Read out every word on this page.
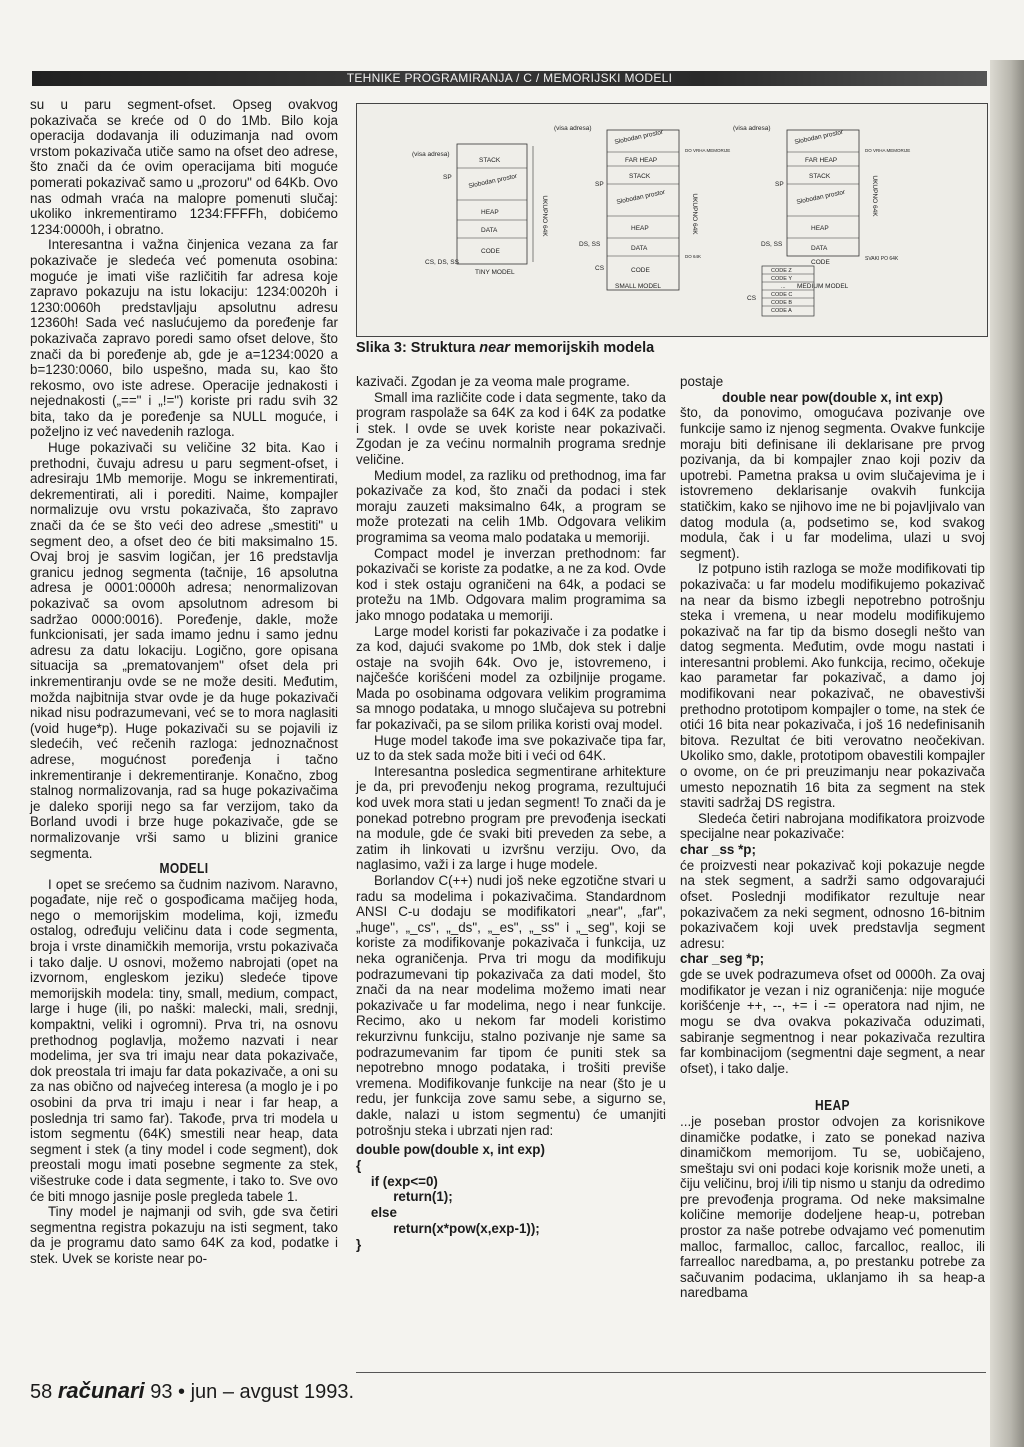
TEHNIKE PROGRAMIRANJA / C / MEMORIJSKI MODELI

su u paru segment-ofset. Opseg ovakvog pokazivača se kreće od 0 do 1Mb. Bilo koja operacija dodavanja ili oduzimanja nad ovom vrstom pokazivača utiče samo na ofset deo adrese, što znači da će ovim operacijama biti moguće pomerati pokazivač samo u „prozoru" od 64Kb. Ovo nas odmah vraća na malopre pomenuti slučaj: ukoliko inkrementiramo 1234:FFFFh, dobićemo 1234:0000h, i obratno.

Interesantna i važna činjenica vezana za far pokazivače je sledeća već pomenuta osobina: moguće je imati više različitih far adresa koje zapravo pokazuju na istu lokaciju: 1234:0020h i 1230:0060h predstavljaju apsolutnu adresu 12360h! Sada već naslućujemo da poređenje far pokazivača zapravo poredi samo ofset delove, što znači da bi poređenje ab, gde je a=1234:0020 a b=1230:0060, bilo uspešno, mada su, kao što rekosmo, ovo iste adrese. Operacije jednakosti i nejednakosti („==" i „!=") koriste pri radu svih 32 bita, tako da je poređenje sa NULL moguće, i poželjno iz već navedenih razloga.

Huge pokazivači su veličine 32 bita. Kao i prethodni, čuvaju adresu u paru segment-ofset, i adresiraju 1Mb memorije. Mogu se inkrementirati, dekrementirati, ali i porediti. Naime, kompajler normalizuje ovu vrstu pokazivača, što zapravo znači da će se što veći deo adrese „smestiti" u segment deo, a ofset deo će biti maksimalno 15. Ovaj broj je sasvim logičan, jer 16 predstavlja granicu jednog segmenta (tačnije, 16 apsolutna adresa je 0001:0000h adresa; nenormalizovan pokazivač sa ovom apsolutnom adresom bi sadržao 0000:0016). Poređenje, dakle, može funkcionisati, jer sada imamo jednu i samo jednu adresu za datu lokaciju. Logično, gore opisana situacija sa „prematovanjem" ofset dela pri inkrementiranju ovde se ne može desiti. Međutim, možda najbitnija stvar ovde je da huge pokazivači nikad nisu podrazumevani, već se to mora naglasiti (void huge*p). Huge pokazivači su se pojavili iz sledećih, već rečenih razloga: jednoznačnost adrese, mogućnost poređenja i tačno inkrementiranje i dekrementiranje. Konačno, zbog stalnog normalizovanja, rad sa huge pokazivačima je daleko sporiji nego sa far verzijom, tako da Borland uvodi i brze huge pokazivače, gde se normalizovanje vrši samo u blizini granice segmenta.

MODELI

I opet se srećemo sa čudnim nazivom. Naravno, pogađate, nije reč o gospođicama mačijeg hoda, nego o memorijskim modelima, koji, između ostalog, određuju veličinu data i code segmenta, broja i vrste dinamičkih memorija, vrstu pokazivača i tako dalje. U osnovi, možemo nabrojati (opet na izvornom, engleskom jeziku) sledeće tipove memorijskih modela: tiny, small, medium, compact, large i huge (ili, po naški: malecki, mali, srednji, kompaktni, veliki i ogromni). Prva tri, na osnovu prethodnog poglavlja, možemo nazvati i near modelima, jer sva tri imaju near data pokazivače, dok preostala tri imaju far data pokazivače, a oni su za nas obično od najvećeg interesa (a moglo je i po osobini da prva tri imaju i near i far heap, a poslednja tri samo far). Takođe, prva tri modela u istom segmentu (64K) smestili near heap, data segment i stek (a tiny model i code segment), dok preostali mogu imati posebne segmente za stek, višestruke code i data segmente, i tako to. Sve ovo će biti mnogo jasnije posle pregleda tabele 1.

Tiny model je najmanji od svih, gde sva četiri segmentna registra pokazuju na isti segment, tako da je programu dato samo 64K za kod, podatke i stek. Uvek se koriste near po-

(visa adresa)
STACK
Slobodan prostor
HEAP
DATA
CODE
SP
CS, DS, SS
UKUPNO 64K
TINY MODEL
(visa adresa)
Slobodan prostor
FAR HEAP
STACK
Slobodan prostor
HEAP
DATA
CODE
SP
DS, SS
CS
UKUPNO 64K
DO VRHA MEMORIJE
DO 64K
SMALL MODEL
(visa adresa)
Slobodan prostor
FAR HEAP
STACK
Slobodan prostor
HEAP
DATA
CODE
SP
DS, SS
CS
UKUPNO 64K
DO VRHA MEMORIJE
SVAKI PO 64K
CODE Z
CODE Y
...
CODE C
CODE B
CODE A
MEDIUM MODEL
Slika 3: Struktura near memorijskih modela

kazivači. Zgodan je za veoma male programe.

Small ima različite code i data segmente, tako da program raspolaže sa 64K za kod i 64K za podatke i stek. I ovde se uvek koriste near pokazivači. Zgodan je za većinu normalnih programa srednje veličine.

Medium model, za razliku od prethodnog, ima far pokazivače za kod, što znači da podaci i stek moraju zauzeti maksimalno 64k, a program se može protezati na celih 1Mb. Odgovara velikim programima sa veoma malo podataka u memoriji.

Compact model je inverzan prethodnom: far pokazivači se koriste za podatke, a ne za kod. Ovde kod i stek ostaju ograničeni na 64k, a podaci se protežu na 1Mb. Odgovara malim programima sa jako mnogo podataka u memoriji.

Large model koristi far pokazivače i za podatke i za kod, dajući svakome po 1Mb, dok stek i dalje ostaje na svojih 64k. Ovo je, istovremeno, i najčešće korišćeni model za ozbiljnije progame. Mada po osobinama odgovara velikim programima sa mnogo podataka, u mnogo slučajeva su potrebni far pokazivači, pa se silom prilika koristi ovaj model.

Huge model takođe ima sve pokazivače tipa far, uz to da stek sada može biti i veći od 64K.

Interesantna posledica segmentiranе arhitekture je da, pri prevođenju nekog programa, rezultujući kod uvek mora stati u jedan segment! To znači da je ponekad potrebno program pre prevođenja isеckati na module, gde će svaki biti preveden za sebe, a zatim ih linkovati u izvršnu verziju. Ovo, da naglasimo, važi i za large i huge modele.

Borlandov C(++) nudi još neke egzotične stvari u radu sa modelima i pokazivačima. Standardnom ANSI C-u dodaju se modifikatori „near", „far", „huge", „_cs", „_ds", „_es", „_ss" i „_seg", koji se koriste za modifikovanje pokazivača i funkcija, uz neka ograničenja. Prva tri mogu da modifikuju podrazumevani tip pokazivača za dati model, što znači da na near modelima možemo imati near pokazivače u far modelima, nego i near funkcije. Recimo, ako u nekom far modeli koristimo rekurzivnu funkciju, stalno pozivanje nje same sa podrazumevanim far tipom će puniti stek sa nepotrebno mnogo podataka, i trošiti previše vremena. Modifikovanje funkcije na near (što je u redu, jer funkcija zove samu sebe, a sigurno se, dakle, nalazi u istom segmentu) će umanjiti potrošnju steka i ubrzati njen rad:

double pow(double x, int exp)
{
if (exp<=0)
return(1);
else
return(x*pow(x,exp-1));
}

postaje

double near pow(double x, int exp)

što, da ponovimo, omogućava pozivanje ove funkcije samo iz njenog segmenta. Ovakve funkcije moraju biti definisane ili deklarisane pre prvog pozivanja, da bi kompajler znao koji poziv da upotrebi. Pametna praksa u ovim slučajevima je i istovremeno deklarisanje ovakvih funkcija statičkim, kako se njihovo ime ne bi pojavljivalo van datog modula (a, podsetimo se, kod svakog modula, čak i u far modelima, ulazi u svoj segment).

Iz potpuno istih razloga se može modifikovati tip pokazivača: u far modelu modifikujemo pokazivač na near da bismo izbegli nepotrebno potrošnju steka i vremena, u near modelu modifikujemo pokazivač na far tip da bismo dosegli nešto van datog segmenta. Međutim, ovde mogu nastati i interesantni problemi. Ako funkcija, recimo, očekuje kao parametar far pokazivač, a damo joj modifikovani near pokazivač, ne obavestivši prethodno prototipom kompajler o tome, na stek će otići 16 bita near pokazivača, i još 16 nedefinisanih bitova. Rezultat će biti verovatno neočekivan. Ukoliko smo, dakle, prototipom obavestili kompajler o ovome, on će pri preuzimanju near pokazivača umesto nepoznatih 16 bita za segment na stek staviti sadržaj DS registra.

Sledeća četiri nabrojana modifikatora proizvode specijalne near pokazivače:

char _ss *p;

će proizvesti near pokazivač koji pokazuje negde na stek segment, a sadrži samo odgovarajući ofset. Poslednji modifikator rezultuje near pokazivačem za neki segment, odnosno 16-bitnim pokazivačem koji uvek predstavlja segment adresu:

char _seg *p;

gde se uvek podrazumeva ofset od 0000h. Za ovaj modifikator je vezan i niz ograničenja: nije moguće korišćenje ++, --, += i -= operatora nad njim, ne mogu se dva ovakva pokazivača oduzimati, sabiranje segmentnog i near pokazivača rezultira far kombinacijom (segmentni daje segment, a near ofset), i tako dalje.

HEAP

...je poseban prostor odvojen za korisnikove dinamičke podatke, i zato se ponekad naziva dinamičkom memorijom. Tu se, uobičajeno, smeštaju svi oni podaci koje korisnik može uneti, a čiju veličinu, broj i/ili tip nismo u stanju da odredimo pre prevođenja programa. Od nekе maksimalne količine memorije dodeljene heap-u, potreban prostor za naše potrebe odvajamo već pomenutim malloc, farmalloc, calloc, farcalloc, realloc, ili farrealloc naredbama, a, po prestanku potrebe za sačuvanim podacima, uklanjamo ih sa heap-a naredbama

58 računari 93 • jun – avgust 1993.
